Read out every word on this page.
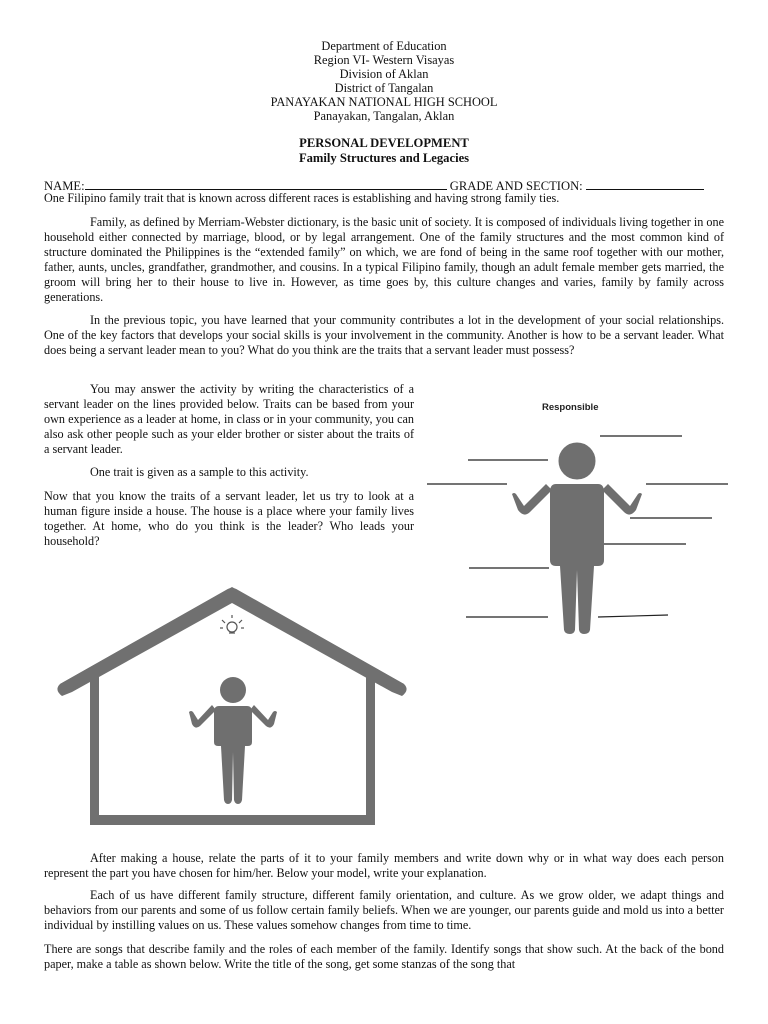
Department of Education
Region VI- Western Visayas
Division of Aklan
District of Tangalan
PANAYAKAN NATIONAL HIGH SCHOOL
Panayakan, Tangalan, Aklan
PERSONAL DEVELOPMENT
Family Structures and Legacies
NAME:	GRADE AND SECTION:

One Filipino family trait that is known across different races is establishing and having strong family ties.

Family, as defined by Merriam-Webster dictionary, is the basic unit of society. It is composed of individuals living together in one household either connected by marriage, blood, or by legal arrangement. One of the family structures and the most common kind of structure dominated the Philippines is the “extended family” on which, we are fond of being in the same roof together with our mother, father, aunts, uncles, grandfather, grandmother, and cousins. In a typical Filipino family, though an adult female member gets married, the groom will bring her to their house to live in. However, as time goes by, this culture changes and varies, family by family across generations.

In the previous topic, you have learned that your community contributes a lot in the development of your social relationships. One of the key factors that develops your social skills is your involvement in the community. Another is how to be a servant leader. What does being a servant leader mean to you? What do you think are the traits that a servant leader must possess?

You may answer the activity by writing the characteristics of a servant leader on the lines provided below. Traits can be based from your own experience as a leader at home, in class or in your community, you can also ask other people such as your elder brother or sister about the traits of a servant leader.

One trait is given as a sample to this activity.

Now that you know the traits of a servant leader, let us try to look at a human figure inside a house. The house is a place where your family lives together. At home, who do you think is the leader? Who leads your household?

Responsible

After making a house, relate the parts of it to your family members and write down why or in what way does each person represent the part you have chosen for him/her. Below your model, write your explanation.

Each of us have different family structure, different family orientation, and culture. As we grow older, we adapt things and behaviors from our parents and some of us follow certain family beliefs. When we are younger, our parents guide and mold us into a better individual by instilling values on us. These values somehow changes from time to time.

There are songs that describe family and the roles of each member of the family. Identify songs that show such. At the back of the bond paper, make a table as shown below. Write the title of the song, get some stanzas of the song that
